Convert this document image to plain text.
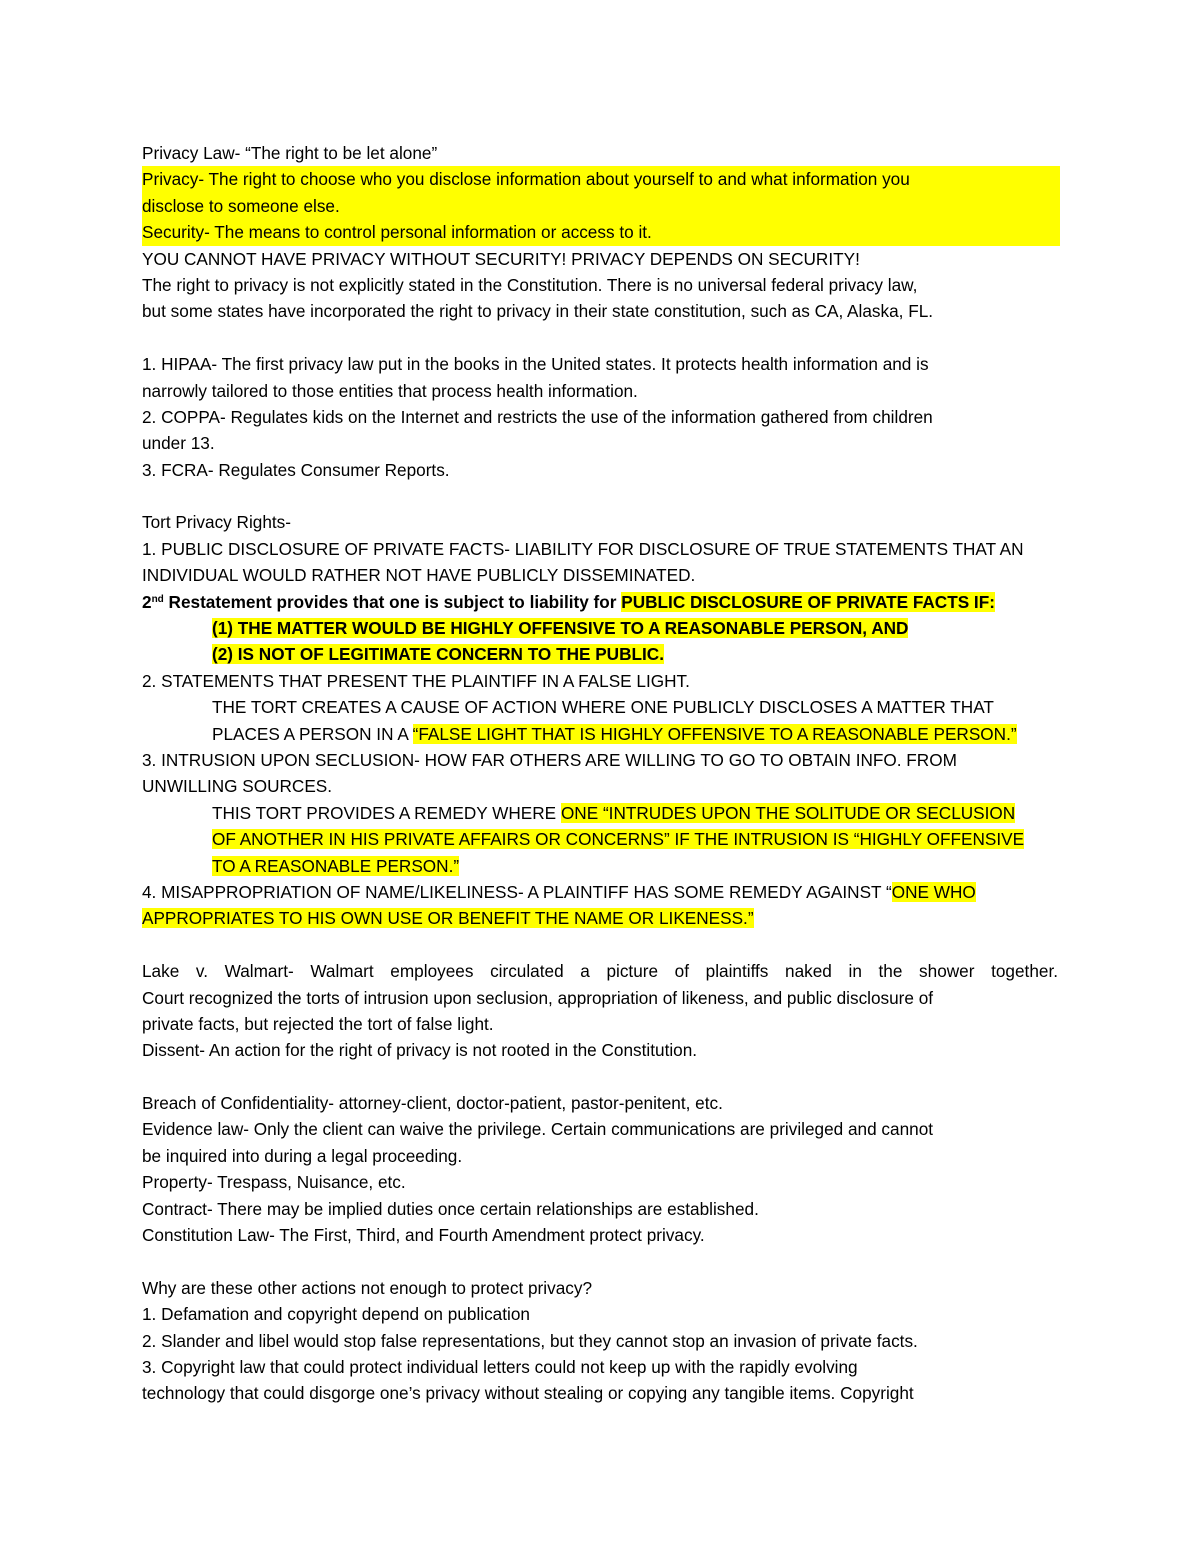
Privacy Law- “The right to be let alone”
Privacy- The right to choose who you disclose information about yourself to and what information you
disclose to someone else.
Security- The means to control personal information or access to it.
YOU CANNOT HAVE PRIVACY WITHOUT SECURITY! PRIVACY DEPENDS ON SECURITY!
The right to privacy is not explicitly stated in the Constitution. There is no universal federal privacy law,
but some states have incorporated the right to privacy in their state constitution, such as CA, Alaska, FL.
1. HIPAA- The first privacy law put in the books in the United states. It protects health information and is
narrowly tailored to those entities that process health information.
2. COPPA- Regulates kids on the Internet and restricts the use of the information gathered from children
under 13.
3. FCRA- Regulates Consumer Reports.
Tort Privacy Rights-
1. PUBLIC DISCLOSURE OF PRIVATE FACTS- LIABILITY FOR DISCLOSURE OF TRUE STATEMENTS THAT AN
INDIVIDUAL WOULD RATHER NOT HAVE PUBLICLY DISSEMINATED.
2nd Restatement provides that one is subject to liability for PUBLIC DISCLOSURE OF PRIVATE FACTS IF:
(1) THE MATTER WOULD BE HIGHLY OFFENSIVE TO A REASONABLE PERSON, AND
(2) IS NOT OF LEGITIMATE CONCERN TO THE PUBLIC.
2. STATEMENTS THAT PRESENT THE PLAINTIFF IN A FALSE LIGHT.
THE TORT CREATES A CAUSE OF ACTION WHERE ONE PUBLICLY DISCLOSES A MATTER THAT
PLACES A PERSON IN A “FALSE LIGHT THAT IS HIGHLY OFFENSIVE TO A REASONABLE PERSON.”
3. INTRUSION UPON SECLUSION- HOW FAR OTHERS ARE WILLING TO GO TO OBTAIN INFO. FROM
UNWILLING SOURCES.
THIS TORT PROVIDES A REMEDY WHERE ONE “INTRUDES UPON THE SOLITUDE OR SECLUSION
OF ANOTHER IN HIS PRIVATE AFFAIRS OR CONCERNS” IF THE INTRUSION IS “HIGHLY OFFENSIVE
TO A REASONABLE PERSON.”
4. MISAPPROPRIATION OF NAME/LIKELINESS- A PLAINTIFF HAS SOME REMEDY AGAINST “ONE WHO
APPROPRIATES TO HIS OWN USE OR BENEFIT THE NAME OR LIKENESS.”
Lake v. Walmart- Walmart employees circulated a picture of plaintiffs naked in the shower together.
Court recognized the torts of intrusion upon seclusion, appropriation of likeness, and public disclosure of
private facts, but rejected the tort of false light.
Dissent- An action for the right of privacy is not rooted in the Constitution.
Breach of Confidentiality- attorney-client, doctor-patient, pastor-penitent, etc.
Evidence law- Only the client can waive the privilege. Certain communications are privileged and cannot
be inquired into during a legal proceeding.
Property- Trespass, Nuisance, etc.
Contract- There may be implied duties once certain relationships are established.
Constitution Law- The First, Third, and Fourth Amendment protect privacy.
Why are these other actions not enough to protect privacy?
1. Defamation and copyright depend on publication
2. Slander and libel would stop false representations, but they cannot stop an invasion of private facts.
3. Copyright law that could protect individual letters could not keep up with the rapidly evolving
technology that could disgorge one’s privacy without stealing or copying any tangible items. Copyright
